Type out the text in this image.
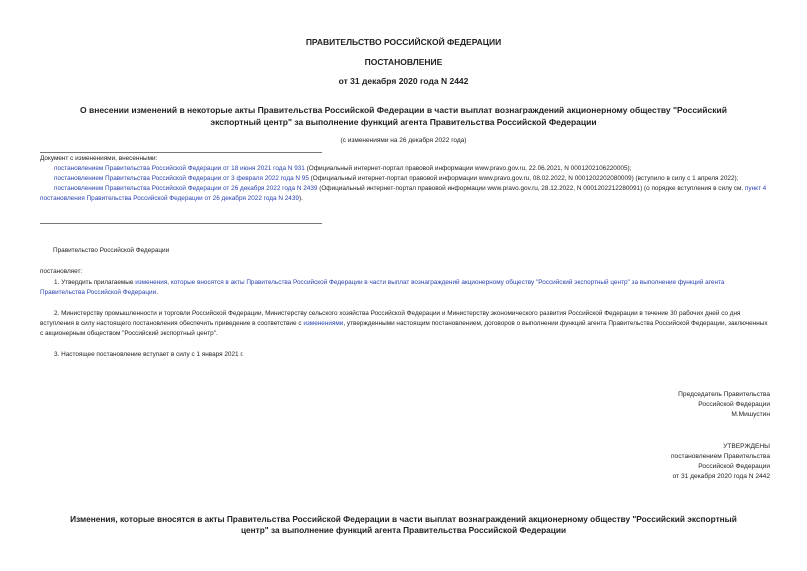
ПРАВИТЕЛЬСТВО РОССИЙСКОЙ ФЕДЕРАЦИИ
ПОСТАНОВЛЕНИЕ
от 31 декабря 2020 года N 2442
О внесении изменений в некоторые акты Правительства Российской Федерации в части выплат вознаграждений акционерному обществу "Российский
экспортный центр" за выполнение функций агента Правительства Российской Федерации
(с изменениями на 26 декабря 2022 года)
Документ с изменениями, внесенными:
постановлением Правительства Российской Федерации от 18 июня 2021 года N 931 (Официальный интернет-портал правовой информации www.pravo.gov.ru, 22.06.2021, N 0001202106220005);
постановлением Правительства Российской Федерации от 3 февраля 2022 года N 95 (Официальный интернет-портал правовой информации www.pravo.gov.ru, 08.02.2022, N 0001202202080009) (вступило в силу с 1 апреля 2022);
постановлением Правительства Российской Федерации от 26 декабря 2022 года N 2439 (Официальный интернет-портал правовой информации www.pravo.gov.ru, 28.12.2022, N 0001202212280091) (о порядке вступления в силу см. пункт 4 постановления Правительства Российской Федерации от 26 декабря 2022 года N 2439).
Правительство Российской Федерации
постановляет:
1. Утвердить прилагаемые изменения, которые вносятся в акты Правительства Российской Федерации в части выплат вознаграждений акционерному обществу "Российский экспортный центр" за выполнение функций агента Правительства Российской Федерации.
2. Министерству промышленности и торговли Российской Федерации, Министерству сельского хозяйства Российской Федерации и Министерству экономического развития Российской Федерации в течение 30 рабочих дней со дня вступления в силу настоящего постановления обеспечить приведение в соответствие с изменениями, утвержденными настоящим постановлением, договоров о выполнении функций агента Правительства Российской Федерации, заключенных с акционерным обществом "Российский экспортный центр".
3. Настоящее постановление вступает в силу с 1 января 2021 г.
Председатель Правительства
Российской Федерации
М.Мишустин
УТВЕРЖДЕНЫ
постановлением Правительства
Российской Федерации
от 31 декабря 2020 года N 2442
Изменения, которые вносятся в акты Правительства Российской Федерации в части выплат вознаграждений акционерному обществу "Российский экспортный
центр" за выполнение функций агента Правительства Российской Федерации
